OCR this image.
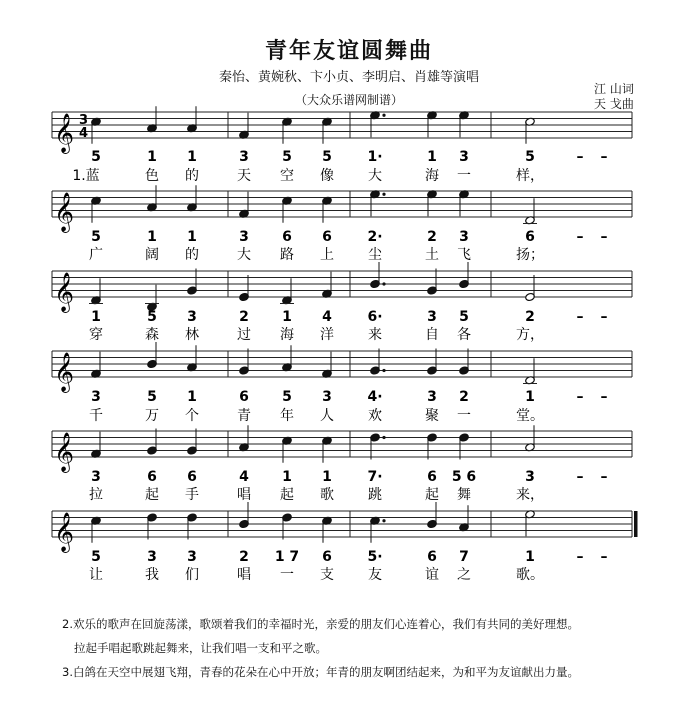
青年友谊圆舞曲
秦怡、黄婉秋、卞小贞、李明启、肖雄等演唱
（大众乐谱网制谱）
江 山词
天 戈曲
𝄞 3
4
5	1 1	3 5 5	1·	1 3	5	– –
1.蓝	色 的	天 空 像 大	海 一	样，
𝄞
5	1 1	3 6 6	2·	2 3	6	– –
广	阔 的	大 路 上 尘	土 飞	扬；
𝄞
1	5 3	2 1 4	6·	3 5	2	– –
穿	森 林	过 海 洋 来	自 各	方，
𝄞
3	5 1	6 5 3	4·	3 2	1	– –
千	万 个	青 年 人 欢	聚 一	堂。
𝄞
3	6 6	4 1 1	7·	6 5 6	3	– –
拉	起 手	唱 起 歌 跳	起 舞	来，
𝄞
5	3 3	2 1 7 6	5·	6 7	1	– –
让	我 们	唱 一 支 友	谊 之	歌。
2.欢乐的歌声在回旋荡漾，歌颂着我们的幸福时光，亲爱的朋友们心连着心，我们有共同的美好理想。
拉起手唱起歌跳起舞来，让我们唱一支和平之歌。
3.白鸽在天空中展翅飞翔，青春的花朵在心中开放；年青的朋友啊团结起来，为和平为友谊献出力量。
